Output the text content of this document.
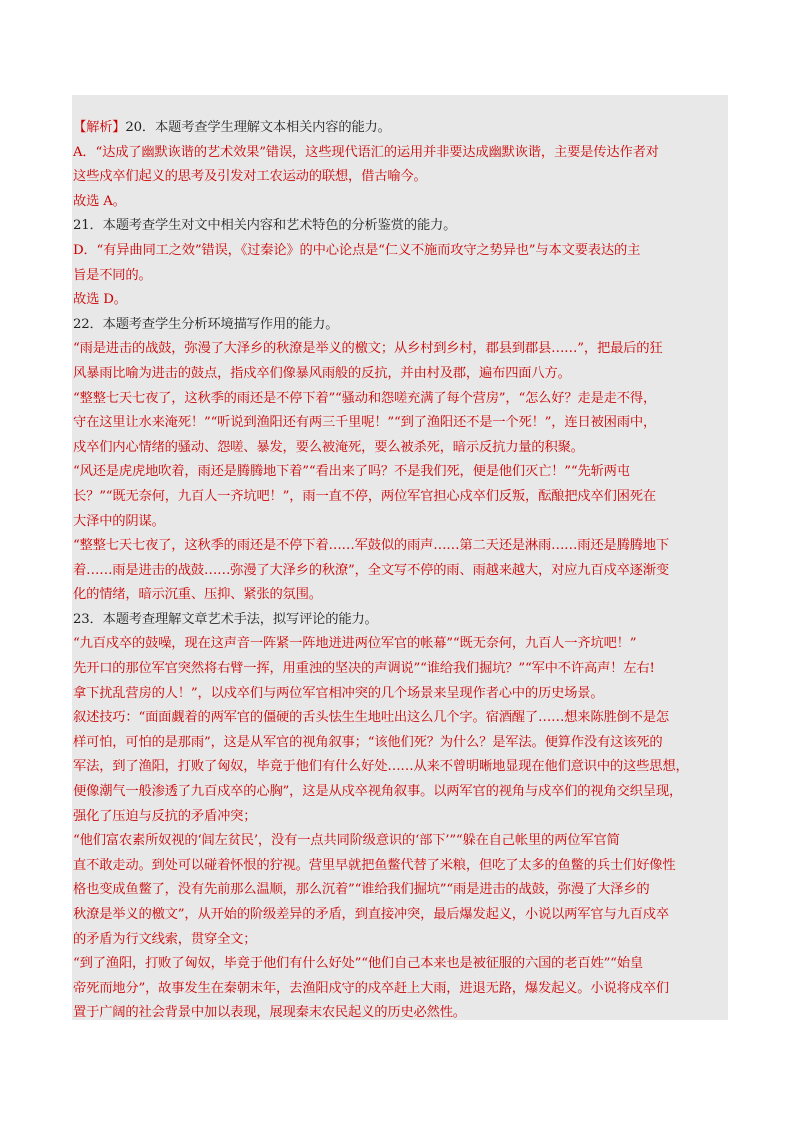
【解析】20．本题考查学生理解文本相关内容的能力。

A．“达成了幽默诙谐的艺术效果”错误，这些现代语汇的运用并非要达成幽默诙谐，主要是传达作者对

这些戍卒们起义的思考及引发对工农运动的联想，借古喻今。

故选 A。

21．本题考查学生对文中相关内容和艺术特色的分析鉴赏的能力。

D．“有异曲同工之效”错误，《过秦论》的中心论点是“仁义不施而攻守之势异也”与本文要表达的主

旨是不同的。

故选 D。

22．本题考查学生分析环境描写作用的能力。

“雨是进击的战鼓，弥漫了大泽乡的秋潦是举义的檄文；从乡村到乡村，郡县到郡县……”，把最后的狂

风暴雨比喻为进击的鼓点，指戍卒们像暴风雨般的反抗，并由村及郡，遍布四面八方。

“整整七天七夜了，这秋季的雨还是不停下着”“骚动和怨嗟充满了每个营房”，“怎么好？走是走不得，

守在这里让水来淹死！”“听说到渔阳还有两三千里呢！”“到了渔阳还不是一个死！”，连日被困雨中，

戍卒们内心情绪的骚动、怨嗟、暴发，要么被淹死，要么被杀死，暗示反抗力量的积聚。

“风还是虎虎地吹着，雨还是腾腾地下着”“看出来了吗？不是我们死，便是他们灭亡！”“先斩两屯

长？”“既无奈何，九百人一齐坑吧！”，雨一直不停，两位军官担心戍卒们反叛，酝酿把戍卒们困死在

大泽中的阴谋。

“整整七天七夜了，这秋季的雨还是不停下着……军鼓似的雨声……第二天还是淋雨……雨还是腾腾地下

着……雨是进击的战鼓……弥漫了大泽乡的秋潦”，全文写不停的雨、雨越来越大，对应九百戍卒逐渐变

化的情绪，暗示沉重、压抑、紧张的氛围。

23．本题考查理解文章艺术手法，拟写评论的能力。

“九百戍卒的鼓噪，现在这声音一阵紧一阵地迸进两位军官的帐幕”“既无奈何，九百人一齐坑吧！”

先开口的那位军官突然将右臂一挥，用重浊的坚决的声调说”“谁给我们掘坑？”“军中不许高声！左右!

拿下扰乱营房的人！”，以戍卒们与两位军官相冲突的几个场景来呈现作者心中的历史场景。

叙述技巧：“面面觑着的两军官的僵硬的舌头怯生生地吐出这么几个字。宿酒醒了……想来陈胜倒不是怎

样可怕，可怕的是那雨”，这是从军官的视角叙事；“该他们死？为什么？是军法。便算作没有这该死的

军法，到了渔阳，打败了匈奴，毕竟于他们有什么好处……从来不曾明晰地显现在他们意识中的这些思想，

便像潮气一般渗透了九百戍卒的心胸”，这是从戍卒视角叙事。以两军官的视角与戍卒们的视角交织呈现，

强化了压迫与反抗的矛盾冲突；

“他们富农素所奴视的‘闾左贫民’，没有一点共同阶级意识的‘部下’”“躲在自己帐里的两位军官简

直不敢走动。到处可以碰着怀恨的狞视。营里早就把鱼鳖代替了米粮，但吃了太多的鱼鳖的兵士们好像性

格也变成鱼鳖了，没有先前那么温顺，那么沉着”“谁给我们掘坑”“雨是进击的战鼓，弥漫了大泽乡的

秋潦是举义的檄文”，从开始的阶级差异的矛盾，到直接冲突，最后爆发起义，小说以两军官与九百戍卒

的矛盾为行文线索，贯穿全文；

“到了渔阳，打败了匈奴，毕竟于他们有什么好处”“他们自己本来也是被征服的六国的老百姓”“始皇

帝死而地分”，故事发生在秦朝末年，去渔阳戍守的戍卒赶上大雨，进退无路，爆发起义。小说将戍卒们

置于广阔的社会背景中加以表现，展现秦末农民起义的历史必然性。
